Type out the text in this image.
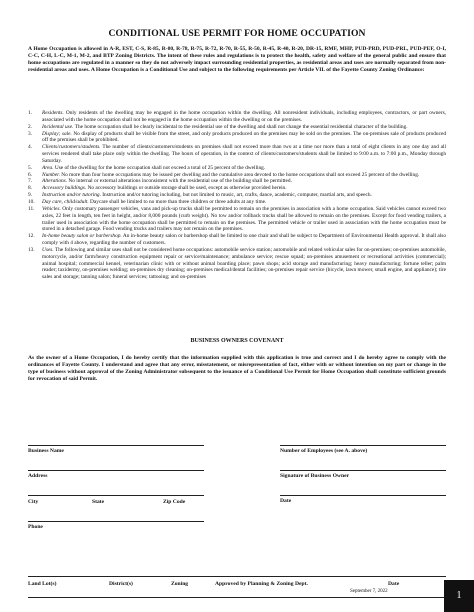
CONDITIONAL USE PERMIT FOR HOME OCCUPATION
A Home Occupation is allowed in A-R, EST, C-S, R-85, R-80, R-78, R-75, R-72, R-70, R-55, R-50, R-45, R-40, R-20, DR-15, RMF, MHP, PUD-PRD, PUD-PRL, PUD-PEF, O-I, C-C, C-H, L-C, M-1, M-2, and BTP Zoning Districts. The intent of these rules and regulations is to protect the health, safety and welfare of the general public and ensure that home occupations are regulated in a manner so they do not adversely impact surrounding residential properties, as residential areas and uses are normally separated from non-residential areas and uses. A Home Occupation is a Conditional Use and subject to the following requirements per Article VII. of the Fayette County Zoning Ordinance:
1. Residents. Only residents of the dwelling may be engaged in the home occupation within the dwelling. All nonresident individuals, including employees, contractors, or part owners, associated with the home occupation shall not be engaged in the home occupation within the dwelling or on the premises.
2. Incidental use. The home occupation shall be clearly incidental to the residential use of the dwelling and shall not change the essential residential character of the building.
3. Display; sale. No display of products shall be visible from the street, and only products produced on the premises may be sold on the premises. The on-premises sale of products produced off the premises shall be prohibited.
4. Clients/customers/students. The number of clients/customers/students on premises shall not exceed more than two at a time nor more than a total of eight clients in any one day and all services rendered shall take place only within the dwelling. The hours of operation, in the context of clients/customers/students shall be limited to 9:00 a.m. to 7:00 p.m., Monday through Saturday.
5. Area. Use of the dwelling for the home occupation shall not exceed a total of 25 percent of the dwelling.
6. Number. No more than four home occupations may be issued per dwelling and the cumulative area devoted to the home occupations shall not exceed 25 percent of the dwelling.
7. Alterations. No internal or external alterations inconsistent with the residential use of the building shall be permitted.
8. Accessory buildings. No accessory buildings or outside storage shall be used, except as otherwise provided herein.
9. Instruction and/or tutoring. Instruction and/or tutoring including, but not limited to music, art, crafts, dance, academic, computer, martial arts, and speech.
10. Day care, child/adult. Daycare shall be limited to no more than three children or three adults at any time.
11. Vehicles. Only customary passenger vehicles, vans and pick-up trucks shall be permitted to remain on the premises in association with a home occupation. Said vehicles cannot exceed two axles, 22 feet in length, ten feet in height, and/or 8,000 pounds (curb weight). No tow and/or rollback trucks shall be allowed to remain on the premises. Except for food vending trailers, a trailer used in association with the home occupation shall be permitted to remain on the premises. The permitted vehicle or trailer used in association with the home occupation must be stored in a detached garage. Food vending trucks and trailers may not remain on the premises.
12. In-home beauty salon or barbershop. An in-home beauty salon or barbershop shall be limited to one chair and shall be subject to Department of Environmental Health approval. It shall also comply with 4 above, regarding the number of customers.
13. Uses. The following and similar uses shall not be considered home occupations: automobile service station; automobile and related vehicular sales for on-premises; on-premises automobile, motorcycle, and/or farm/heavy construction equipment repair or service/maintenance; ambulance service; rescue squad; on-premises amusement or recreational activities (commercial); animal hospital; commercial kennel, veterinarian clinic with or without animal boarding place; pawn shops; acid storage and manufacturing; heavy manufacturing; fortune teller; palm reader; taxidermy, on-premises welding; on-premises dry cleaning; on-premises medical/dental facilities; on-premises repair service (bicycle, lawn mower, small engine, and appliance); tire sales and storage; tanning salon; funeral services; tattooing; and on-premises
BUSINESS OWNERS COVENANT
As the owner of a Home Occupation, I do hereby certify that the information supplied with this application is true and correct and I do hereby agree to comply with the ordinances of Fayette County. I understand and agree that any error, misstatement, or misrepresentation of fact, either with or without intention on my part or change in the type of business without approval of the Zoning Administrator subsequent to the issuance of a Conditional Use Permit for Home Occupation shall constitute sufficient grounds for revocation of said Permit.
Business Name	Number of Employees (see A. above)
Address	Signature of Business Owner
City	State	Zip Code	Date
Phone
Land Lot(s)	District(s)	Zoning	Approved by Planning & Zoning Dept.	Date
September 7, 2022	1
